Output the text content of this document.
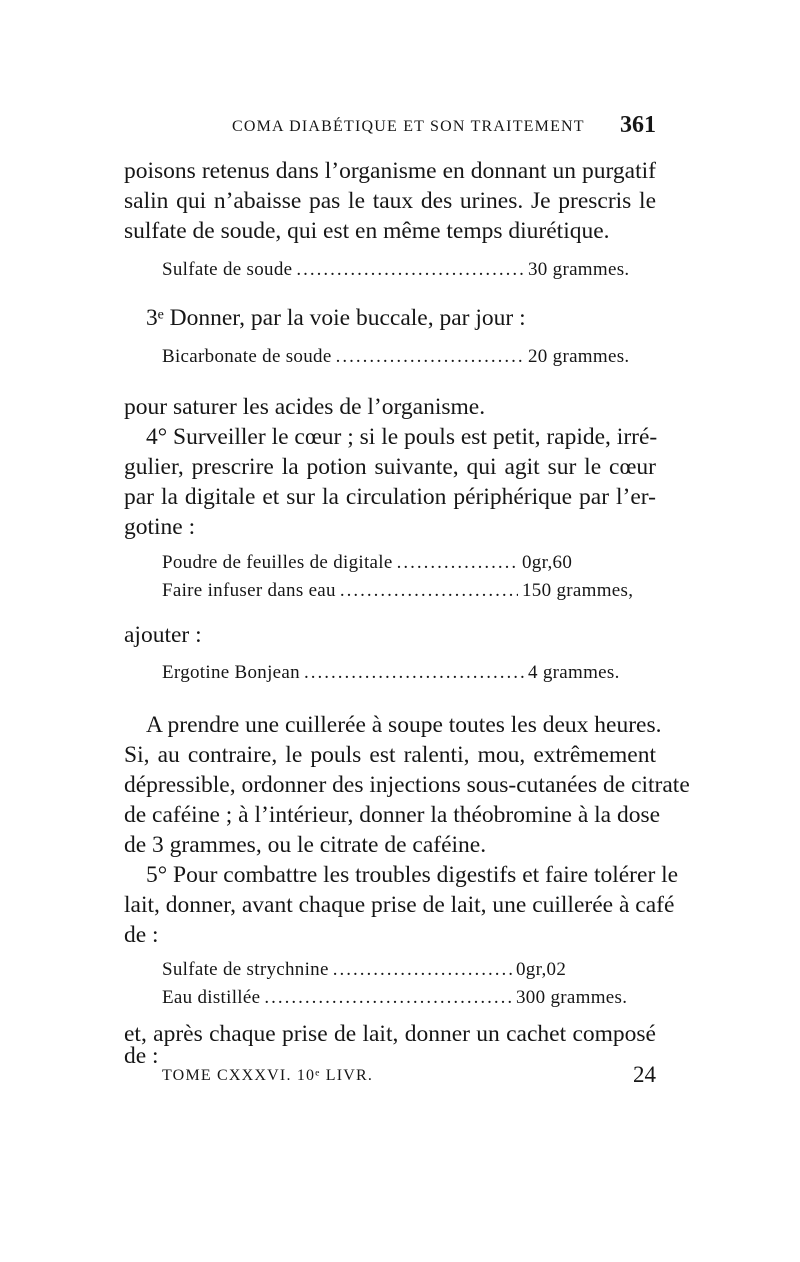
COMA DIABÉTIQUE ET SON TRAITEMENT 361
poisons retenus dans l’organisme en donnant un purgatif
salin qui n’abaisse pas le taux des urines. Je prescris le
sulfate de soude, qui est en même temps diurétique.
Sulfate de soude .....	30 grammes.
3ᵉ Donner, par la voie buccale, par jour :
Bicarbonate de soude .....	20 grammes.
pour saturer les acides de l’organisme.
4° Surveiller le cœur ; si le pouls est petit, rapide, irré-
gulier, prescrire la potion suivante, qui agit sur le cœur
par la digitale et sur la circulation périphérique par l’er-
gotine :
Poudre de feuilles de digitale .....	0gr,60
Faire infuser dans eau .....	150 grammes,
ajouter :
Ergotine Bonjean .....	4 grammes.
A prendre une cuillerée à soupe toutes les deux heures.
Si, au contraire, le pouls est ralenti, mou, extrêmement
dépressible, ordonner des injections sous-cutanées de citrate
de caféine ; à l’intérieur, donner la théobromine à la dose
de 3 grammes, ou le citrate de caféine.
5° Pour combattre les troubles digestifs et faire tolérer le
lait, donner, avant chaque prise de lait, une cuillerée à café
de :
Sulfate de strychnine .....	0gr,02
Eau distillée .....	300 grammes.
et, après chaque prise de lait, donner un cachet composé
de :
TOME CXXXVI. 10ᵉ LIVR.	24
